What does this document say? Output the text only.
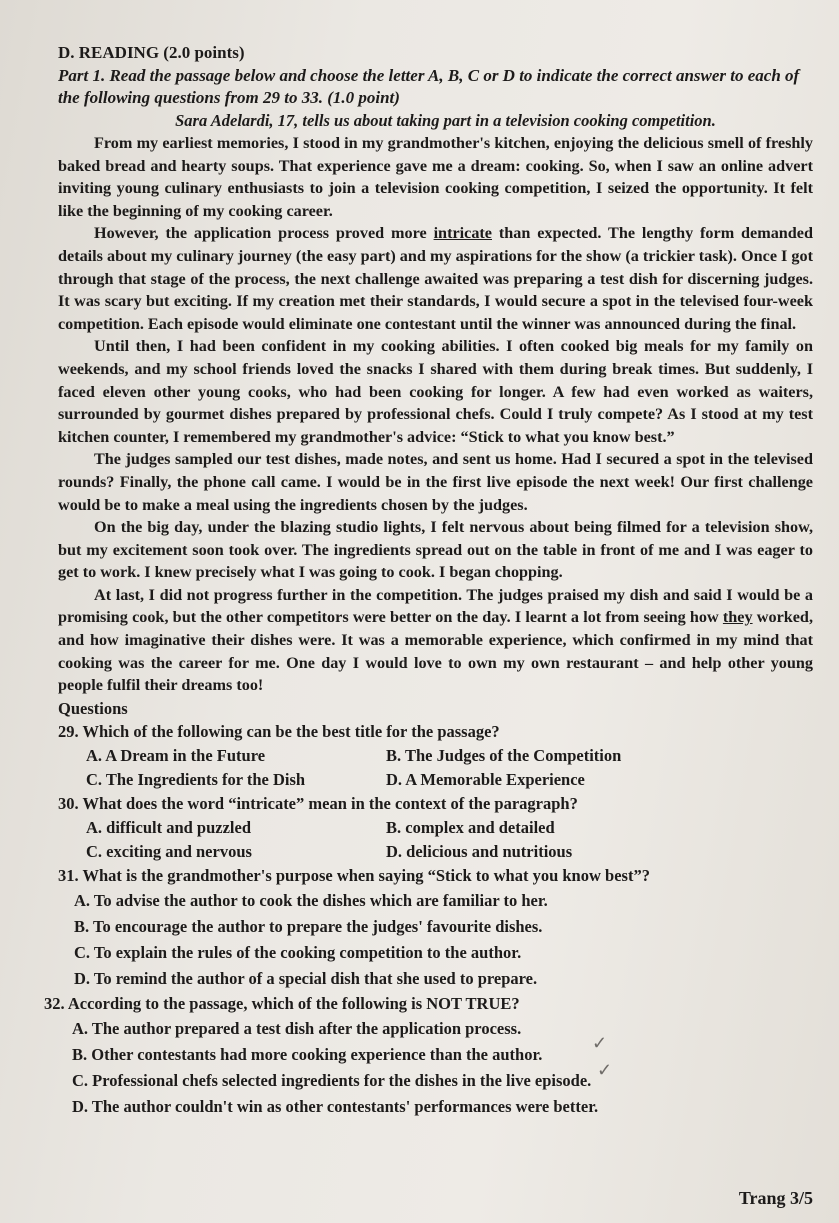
D. READING (2.0 points)
Part 1. Read the passage below and choose the letter A, B, C or D to indicate the correct answer to each of the following questions from 29 to 33. (1.0 point)
Sara Adelardi, 17, tells us about taking part in a television cooking competition.

From my earliest memories, I stood in my grandmother's kitchen, enjoying the delicious smell of freshly baked bread and hearty soups. That experience gave me a dream: cooking. So, when I saw an online advert inviting young culinary enthusiasts to join a television cooking competition, I seized the opportunity. It felt like the beginning of my cooking career.

However, the application process proved more intricate than expected. The lengthy form demanded details about my culinary journey (the easy part) and my aspirations for the show (a trickier task). Once I got through that stage of the process, the next challenge awaited was preparing a test dish for discerning judges. It was scary but exciting. If my creation met their standards, I would secure a spot in the televised four-week competition. Each episode would eliminate one contestant until the winner was announced during the final.

Until then, I had been confident in my cooking abilities. I often cooked big meals for my family on weekends, and my school friends loved the snacks I shared with them during break times. But suddenly, I faced eleven other young cooks, who had been cooking for longer. A few had even worked as waiters, surrounded by gourmet dishes prepared by professional chefs. Could I truly compete? As I stood at my test kitchen counter, I remembered my grandmother's advice: “Stick to what you know best.”

The judges sampled our test dishes, made notes, and sent us home. Had I secured a spot in the televised rounds? Finally, the phone call came. I would be in the first live episode the next week! Our first challenge would be to make a meal using the ingredients chosen by the judges.

On the big day, under the blazing studio lights, I felt nervous about being filmed for a television show, but my excitement soon took over. The ingredients spread out on the table in front of me and I was eager to get to work. I knew precisely what I was going to cook. I began chopping.

At last, I did not progress further in the competition. The judges praised my dish and said I would be a promising cook, but the other competitors were better on the day. I learnt a lot from seeing how they worked, and how imaginative their dishes were. It was a memorable experience, which confirmed in my mind that cooking was the career for me. One day I would love to own my own restaurant – and help other young people fulfil their dreams too!

Questions
29. Which of the following can be the best title for the passage?
A. A Dream in the Future	B. The Judges of the Competition
C. The Ingredients for the Dish	D. A Memorable Experience
30. What does the word “intricate” mean in the context of the paragraph?
A. difficult and puzzled	B. complex and detailed
C. exciting and nervous	D. delicious and nutritious
31. What is the grandmother's purpose when saying “Stick to what you know best”?
A. To advise the author to cook the dishes which are familiar to her.
B. To encourage the author to prepare the judges' favourite dishes.
C. To explain the rules of the cooking competition to the author.
D. To remind the author of a special dish that she used to prepare.
32. According to the passage, which of the following is NOT TRUE?
A. The author prepared a test dish after the application process.
B. Other contestants had more cooking experience than the author.
C. Professional chefs selected ingredients for the dishes in the live episode.
D. The author couldn't win as other contestants' performances were better.
✓
✓
Trang 3/5
